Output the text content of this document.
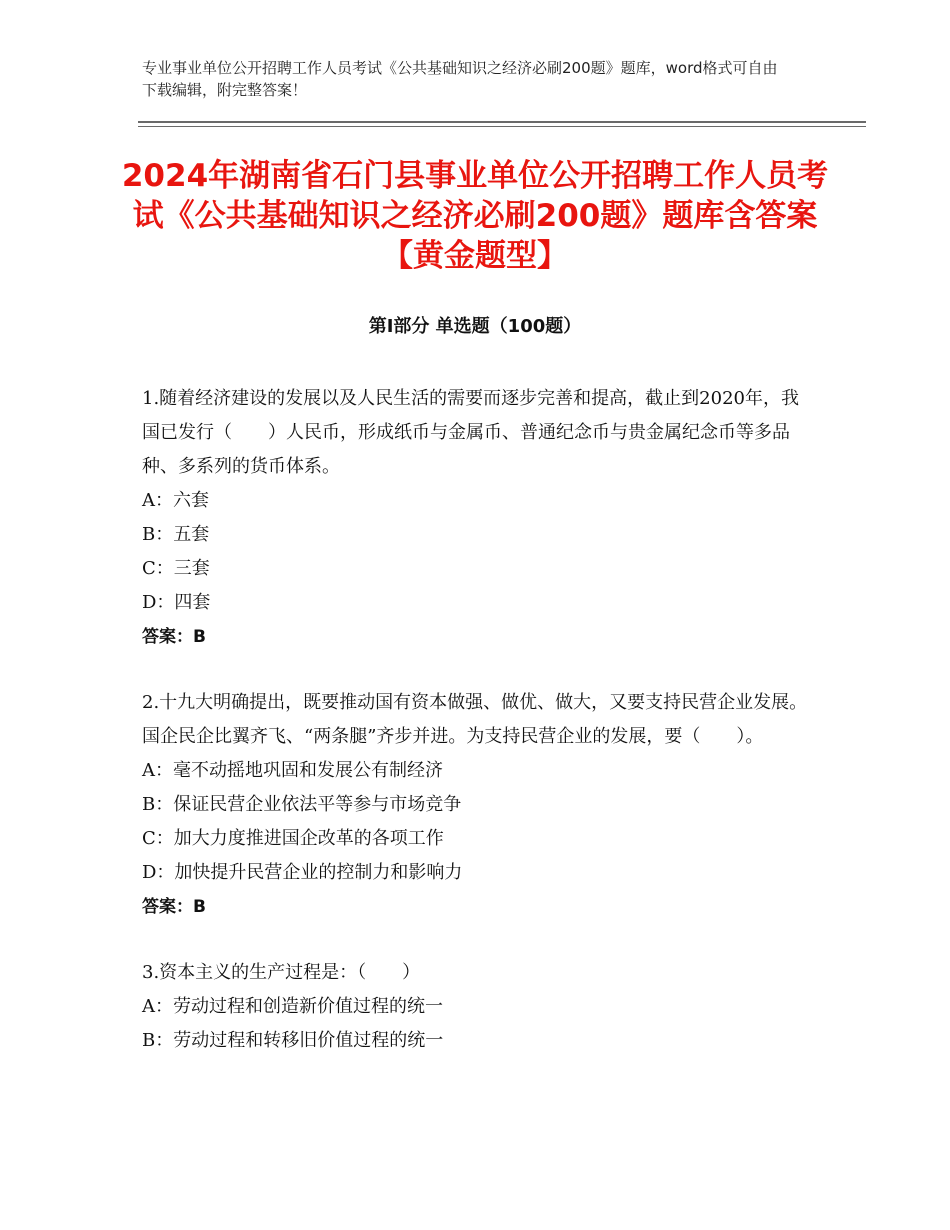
专业事业单位公开招聘工作人员考试《公共基础知识之经济必刷200题》题库，word格式可自由下载编辑，附完整答案！
2024年湖南省石门县事业单位公开招聘工作人员考试《公共基础知识之经济必刷200题》题库含答案【黄金题型】
第Ⅰ部分 单选题（100题）
1.随着经济建设的发展以及人民生活的需要而逐步完善和提高，截止到2020年，我国已发行（　　）人民币，形成纸币与金属币、普通纪念币与贵金属纪念币等多品种、多系列的货币体系。
A：六套
B：五套
C：三套
D：四套
答案：B
2.十九大明确提出，既要推动国有资本做强、做优、做大，又要支持民营企业发展。国企民企比翼齐飞、“两条腿”齐步并进。为支持民营企业的发展，要（　　）。
A：毫不动摇地巩固和发展公有制经济
B：保证民营企业依法平等参与市场竞争
C：加大力度推进国企改革的各项工作
D：加快提升民营企业的控制力和影响力
答案：B
3.资本主义的生产过程是：（　　）
A：劳动过程和创造新价值过程的统一
B：劳动过程和转移旧价值过程的统一
